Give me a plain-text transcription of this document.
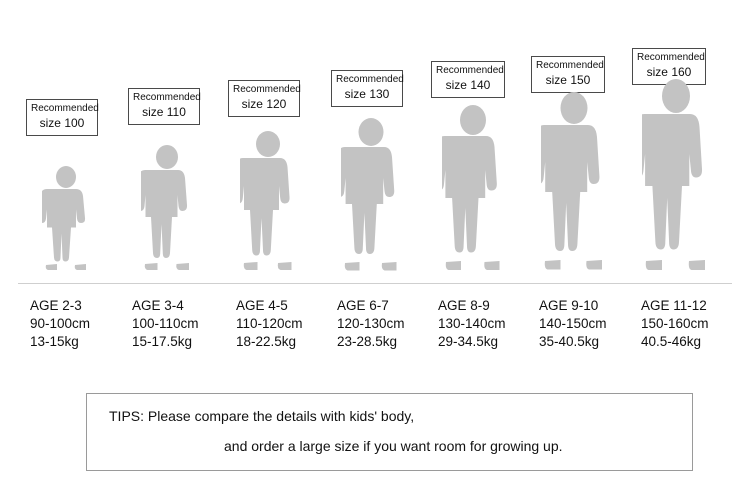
Recommended
size 100
AGE 2-3
90-100cm
13-15kg
Recommended
size 110
AGE 3-4
100-110cm
15-17.5kg
Recommended
size 120
AGE 4-5
110-120cm
18-22.5kg
Recommended
size 130
AGE 6-7
120-130cm
23-28.5kg
Recommended
size 140
AGE 8-9
130-140cm
29-34.5kg
Recommended
size 150
AGE 9-10
140-150cm
35-40.5kg
Recommended
size 160
AGE 11-12
150-160cm
40.5-46kg
TIPS: Please compare the details with kids' body,
and order a large size if you want room for growing up.
